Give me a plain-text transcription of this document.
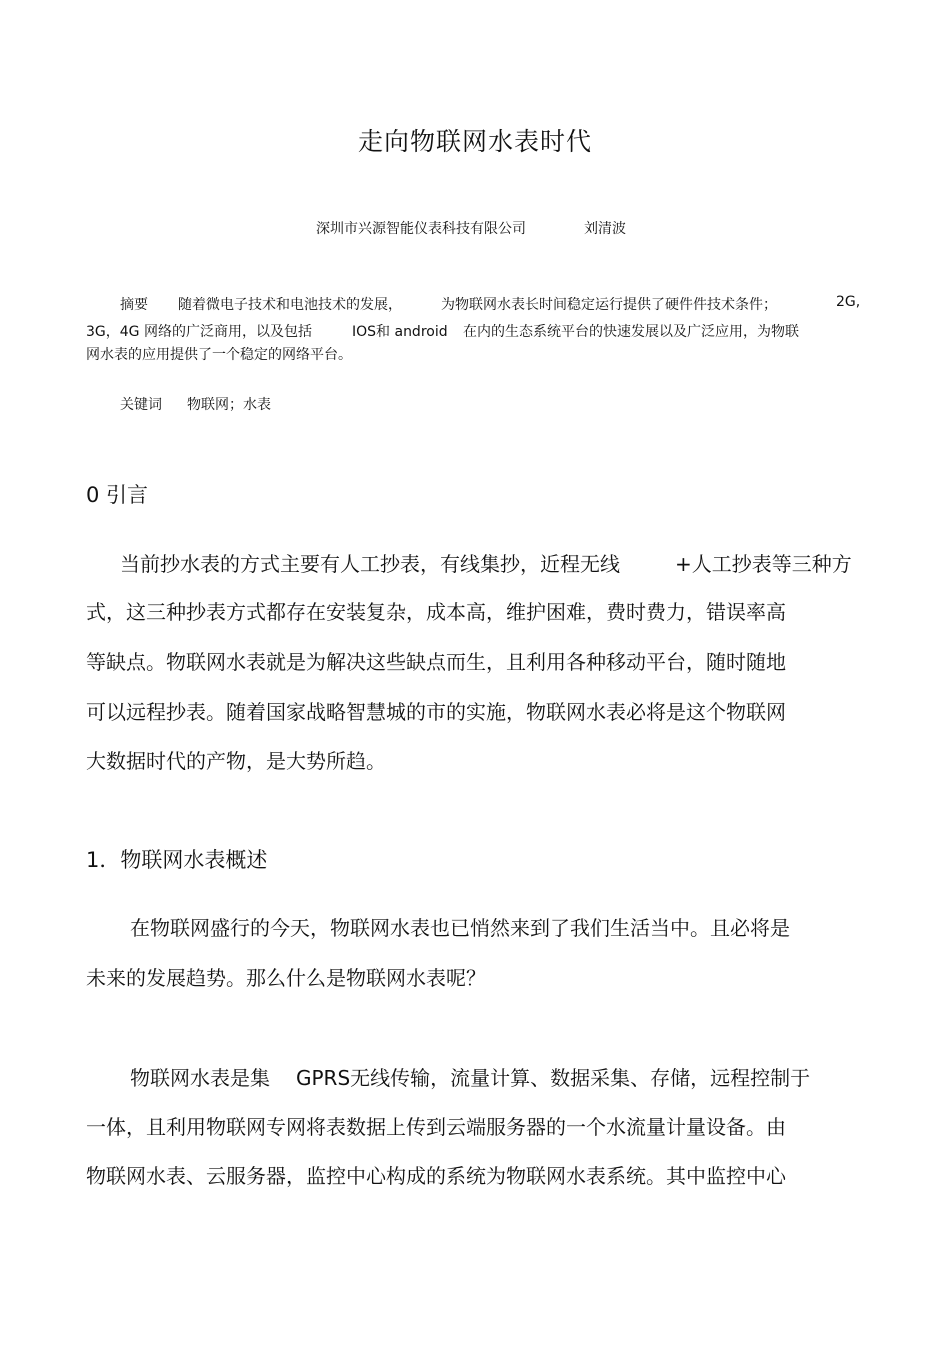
走向物联网水表时代
深圳市兴源智能仪表科技有限公司	刘清波
摘要 随着微电子技术和电池技术的发展，	为物联网水表长时间稳定运行提供了硬件件技术条件；	2G,
3G，4G 网络的广泛商用，以及包括	IOS和 android 在内的生态系统平台的快速发展以及广泛应用，为物联
网水表的应用提供了一个稳定的网络平台。
关键词 物联网；水表
0 引言
当前抄水表的方式主要有人工抄表，有线集抄，近程无线	+人工抄表等三种方
式，这三种抄表方式都存在安装复杂，成本高，维护困难，费时费力，错误率高
等缺点。物联网水表就是为解决这些缺点而生，且利用各种移动平台，随时随地
可以远程抄表。随着国家战略智慧城的市的实施，物联网水表必将是这个物联网
大数据时代的产物，是大势所趋。
1．物联网水表概述
在物联网盛行的今天，物联网水表也已悄然来到了我们生活当中。且必将是
未来的发展趋势。那么什么是物联网水表呢？
物联网水表是集 GPRS无线传输，流量计算、数据采集、存储，远程控制于
一体，且利用物联网专网将表数据上传到云端服务器的一个水流量计量设备。由
物联网水表、云服务器，监控中心构成的系统为物联网水表系统。其中监控中心
